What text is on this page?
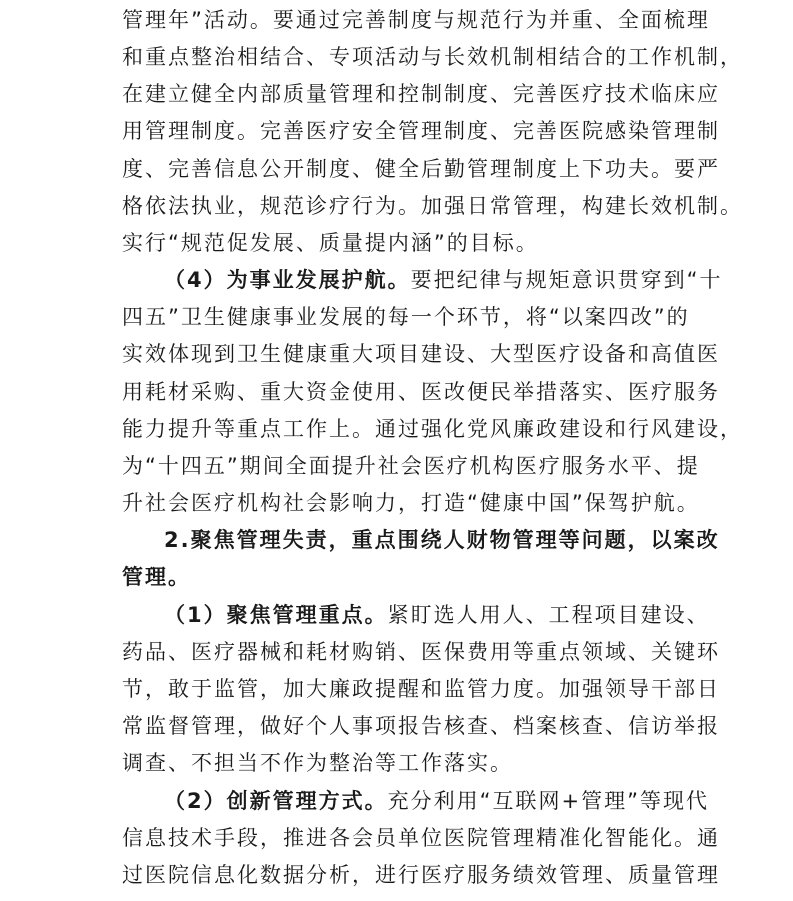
管理年”活动。要通过完善制度与规范行为并重、全面梳理

和重点整治相结合、专项活动与长效机制相结合的工作机制，

在建立健全内部质量管理和控制制度、完善医疗技术临床应

用管理制度。完善医疗安全管理制度、完善医院感染管理制

度、完善信息公开制度、健全后勤管理制度上下功夫。要严

格依法执业，规范诊疗行为。加强日常管理，构建长效机制。

实行“规范促发展、质量提内涵”的目标。

（4）为事业发展护航。要把纪律与规矩意识贯穿到“十

四五”卫生健康事业发展的每一个环节，将“以案四改”的

实效体现到卫生健康重大项目建设、大型医疗设备和高值医

用耗材采购、重大资金使用、医改便民举措落实、医疗服务

能力提升等重点工作上。通过强化党风廉政建设和行风建设，

为“十四五”期间全面提升社会医疗机构医疗服务水平、提

升社会医疗机构社会影响力，打造“健康中国”保驾护航。

2.聚焦管理失责，重点围绕人财物管理等问题，以案改

管理。

（1）聚焦管理重点。紧盯选人用人、工程项目建设、

药品、医疗器械和耗材购销、医保费用等重点领域、关键环

节，敢于监管，加大廉政提醒和监管力度。加强领导干部日

常监督管理，做好个人事项报告核查、档案核查、信访举报

调查、不担当不作为整治等工作落实。

（2）创新管理方式。充分利用“互联网+管理”等现代

信息技术手段，推进各会员单位医院管理精准化智能化。通

过医院信息化数据分析，进行医疗服务绩效管理、质量管理
